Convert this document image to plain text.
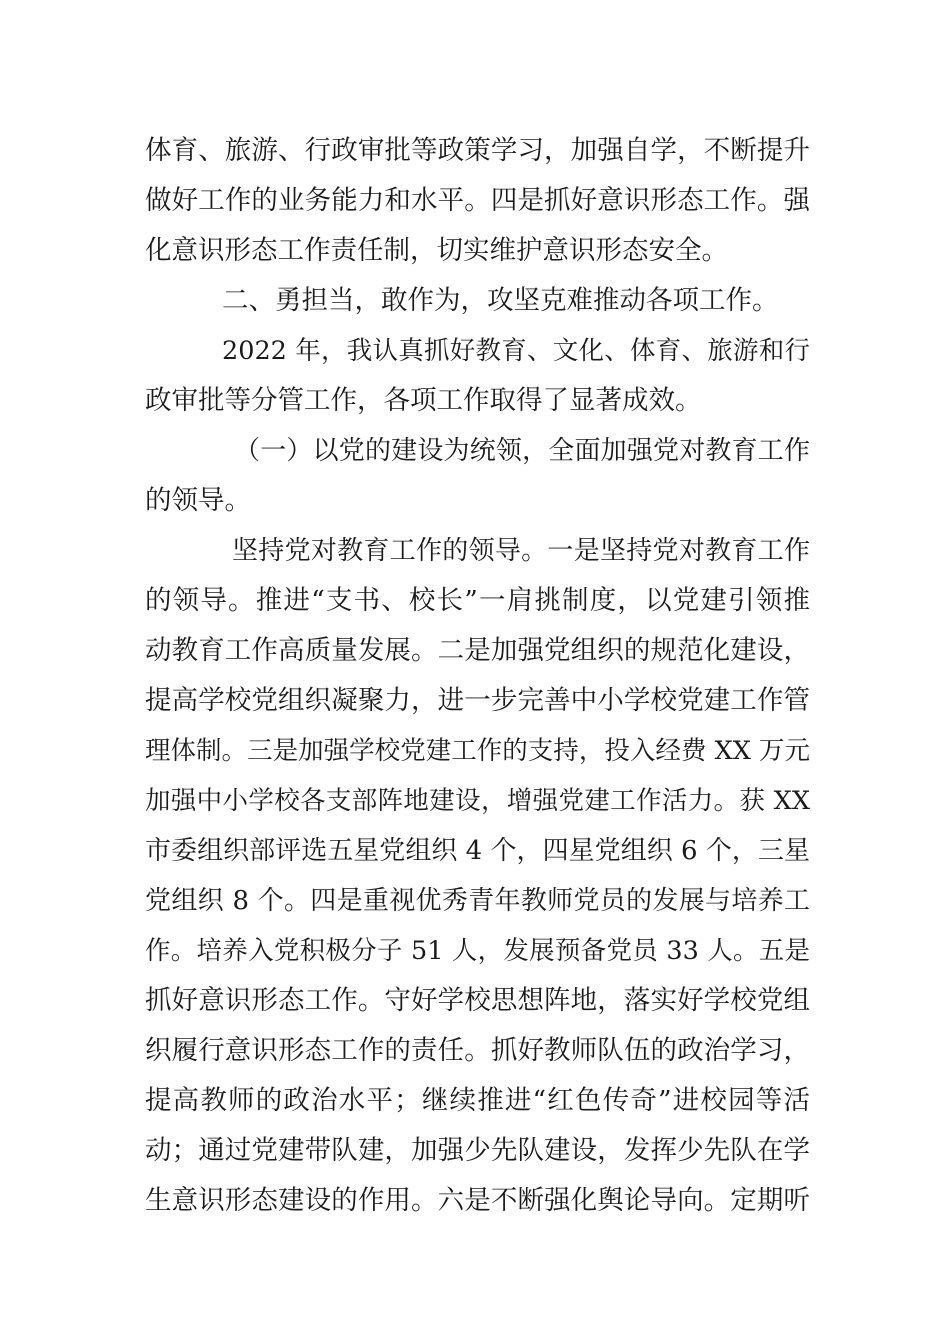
体育、旅游、行政审批等政策学习，加强自学，不断提升
做好工作的业务能力和水平。四是抓好意识形态工作。强
化意识形态工作责任制，切实维护意识形态安全。
二、勇担当，敢作为，攻坚克难推动各项工作。
2022 年，我认真抓好教育、文化、体育、旅游和行
政审批等分管工作，各项工作取得了显著成效。
（一）以党的建设为统领，全面加强党对教育工作
的领导。
坚持党对教育工作的领导。一是坚持党对教育工作
的领导。推进“支书、校长”一肩挑制度，以党建引领推
动教育工作高质量发展。二是加强党组织的规范化建设，
提高学校党组织凝聚力，进一步完善中小学校党建工作管
理体制。三是加强学校党建工作的支持，投入经费 XX 万元
加强中小学校各支部阵地建设，增强党建工作活力。获 XX
市委组织部评选五星党组织 4 个，四星党组织 6 个，三星
党组织 8 个。四是重视优秀青年教师党员的发展与培养工
作。培养入党积极分子 51 人，发展预备党员 33 人。五是
抓好意识形态工作。守好学校思想阵地，落实好学校党组
织履行意识形态工作的责任。抓好教师队伍的政治学习，
提高教师的政治水平；继续推进“红色传奇”进校园等活
动；通过党建带队建，加强少先队建设，发挥少先队在学
生意识形态建设的作用。六是不断强化舆论导向。定期听
